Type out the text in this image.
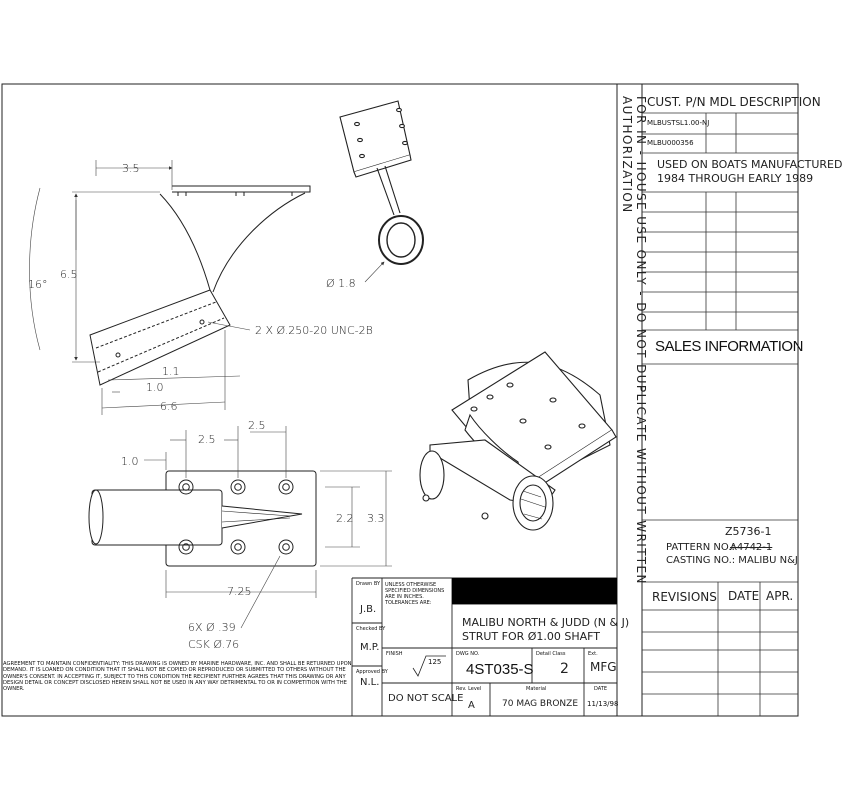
FOR IN - HOUSE USE ONLY - DO NOT DUPLICATE WITHOUT WRITTEN AUTHORIZATION	CUST. P/N MDL DESCRIPTION
MLBUSTSL1.00-NJ
MLBU000356
USED ON BOATS MANUFACTURED
1984 THROUGH EARLY 1989
SALES INFORMATION
Z5736-1
PATTERN NO.:
A4742-1
CASTING NO.: MALIBU N&J
REVISIONS DATE APR.
3.5
16°
6.5
Ø 1.8
2 X Ø.250-20 UNC-2B
1.1
1.0
6.6
2.5
2.5
1.0
2.2 3.3
7.25
6X Ø .39
CSK Ø.76
Drawn BY
J.B.
Checked BY
M.P.
Approved BY
N.L.
UNLESS OTHERWISE SPECIFIED DIMENSIONS ARE IN INCHES. TOLERANCES ARE:
MALIBU NORTH & JUDD (N & J)
STRUT FOR Ø1.00 SHAFT
FINISH
125
DWG NO.
4ST035-S
Detail Class
2
Ext.
MFG
DO NOT SCALE
Rev. Level
A
Material
70 MAG BRONZE
DATE
11/13/98
AGREEMENT TO MAINTAIN CONFIDENTIALITY: THIS DRAWING IS OWNED BY MARINE HARDWARE, INC. AND SHALL BE RETURNED UPON DEMAND. IT IS LOANED ON CONDITION THAT IT SHALL NOT BE COPIED OR REPRODUCED OR SUBMITTED TO OTHERS WITHOUT THE OWNER'S CONSENT. IN ACCEPTING IT, SUBJECT TO THIS CONDITION THE RECIPIENT FURTHER AGREES THAT THIS DRAWING OR ANY DESIGN DETAIL OR CONCEPT DISCLOSED HEREIN SHALL NOT BE USED IN ANY WAY DETRIMENTAL TO OR IN COMPETITION WITH THE OWNER.
